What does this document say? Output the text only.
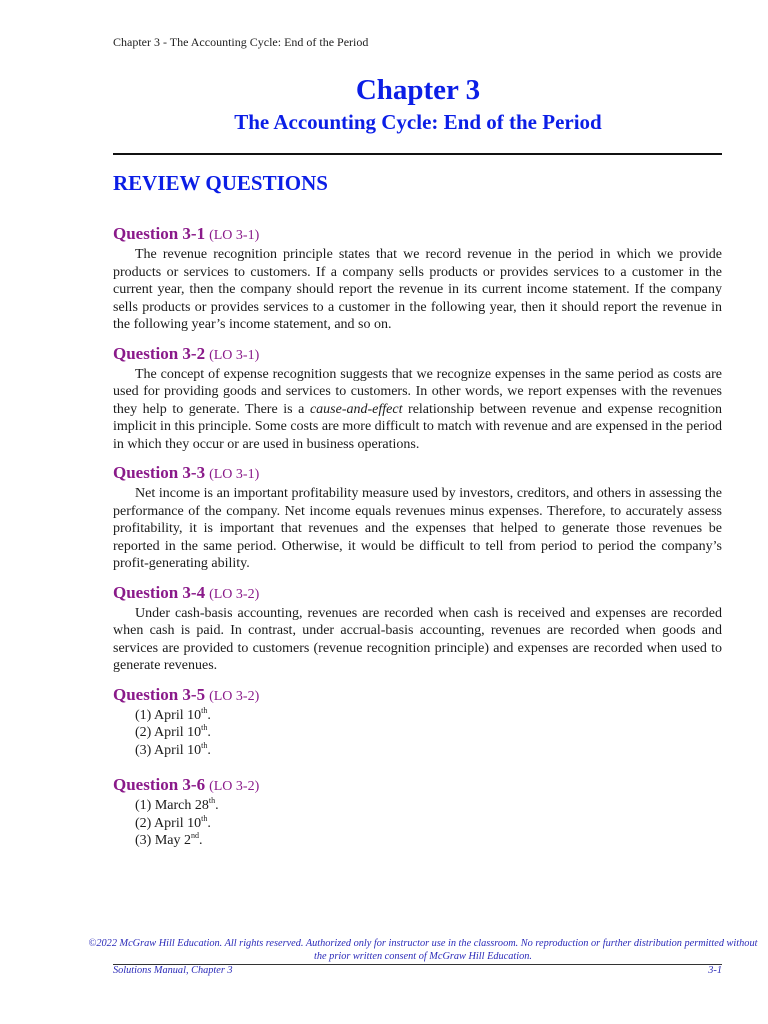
Chapter 3 - The Accounting Cycle: End of the Period
Chapter 3
The Accounting Cycle: End of the Period
REVIEW QUESTIONS
Question 3-1 (LO 3-1)

The revenue recognition principle states that we record revenue in the period in which we provide products or services to customers. If a company sells products or provides services to a customer in the current year, then the company should report the revenue in its current income statement. If the company sells products or provides services to a customer in the following year, then it should report the revenue in the following year’s income statement, and so on.

Question 3-2 (LO 3-1)

The concept of expense recognition suggests that we recognize expenses in the same period as costs are used for providing goods and services to customers. In other words, we report expenses with the revenues they help to generate. There is a cause-and-effect relationship between revenue and expense recognition implicit in this principle. Some costs are more difficult to match with revenue and are expensed in the period in which they occur or are used in business operations.

Question 3-3 (LO 3-1)

Net income is an important profitability measure used by investors, creditors, and others in assessing the performance of the company. Net income equals revenues minus expenses. Therefore, to accurately assess profitability, it is important that revenues and the expenses that helped to generate those revenues be reported in the same period. Otherwise, it would be difficult to tell from period to period the company’s profit-generating ability.

Question 3-4 (LO 3-2)

Under cash-basis accounting, revenues are recorded when cash is received and expenses are recorded when cash is paid. In contrast, under accrual-basis accounting, revenues are recorded when goods and services are provided to customers (revenue recognition principle) and expenses are recorded when used to generate revenues.

Question 3-5 (LO 3-2)
(1) April 10th.
(2) April 10th.
(3) April 10th.
Question 3-6 (LO 3-2)
(1) March 28th.
(2) April 10th.
(3) May 2nd.
©2022 McGraw Hill Education. All rights reserved. Authorized only for instructor use in the classroom. No reproduction or further distribution permitted without the prior written consent of McGraw Hill Education.
Solutions Manual, Chapter 3	3-1
